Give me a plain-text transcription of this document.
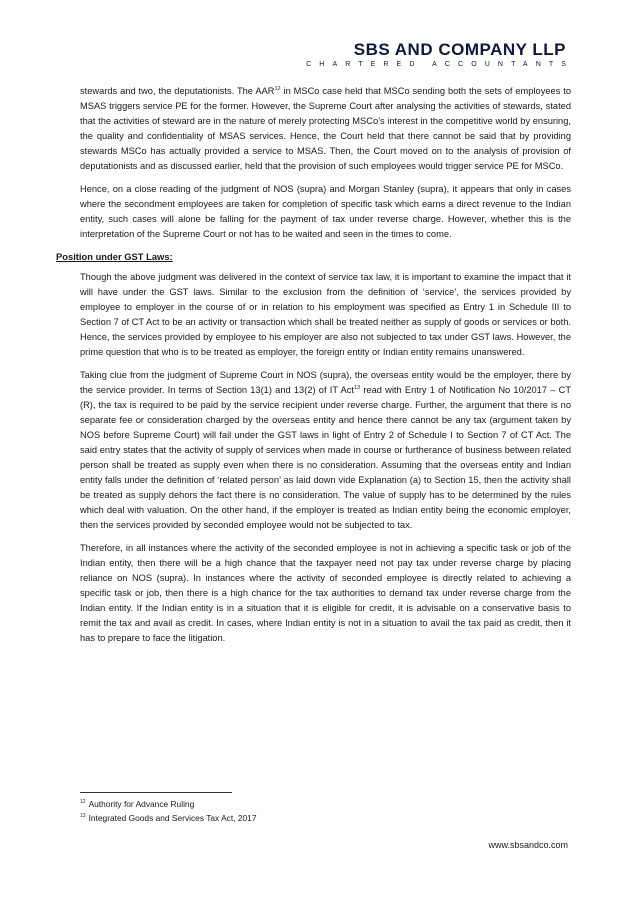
SBS AND COMPANY LLP
CHARTERED ACCOUNTANTS

stewards and two, the deputationists. The AAR$^{12}$ in MSCo case held that MSCo sending both the sets of employees to MSAS triggers service PE for the former. However, the Supreme Court after analysing the activities of stewards, stated that the activities of steward are in the nature of merely protecting MSCo’s interest in the competitive world by ensuring, the quality and confidentiality of MSAS services. Hence, the Court held that there cannot be said that by providing stewards MSCo has actually provided a service to MSAS. Then, the Court moved on to the analysis of provision of deputationists and as discussed earlier, held that the provision of such employees would trigger service PE for MSCo.

Hence, on a close reading of the judgment of NOS (supra) and Morgan Stanley (supra), it appears that only in cases where the secondment employees are taken for completion of specific task which earns a direct revenue to the Indian entity, such cases will alone be falling for the payment of tax under reverse charge. However, whether this is the interpretation of the Supreme Court or not has to be waited and seen in the times to come.

Position under GST Laws:

Though the above judgment was delivered in the context of service tax law, it is important to examine the impact that it will have under the GST laws. Similar to the exclusion from the definition of ‘service’, the services provided by employee to employer in the course of or in relation to his employment was specified as Entry 1 in Schedule III to Section 7 of CT Act to be an activity or transaction which shall be treated neither as supply of goods or services or both. Hence, the services provided by employee to his employer are also not subjected to tax under GST laws. However, the prime question that who is to be treated as employer, the foreign entity or Indian entity remains unanswered.

Taking clue from the judgment of Supreme Court in NOS (supra), the overseas entity would be the employer, there by the service provider. In terms of Section 13(1) and 13(2) of IT Act$^{13}$ read with Entry 1 of Notification No 10/2017 – CT (R), the tax is required to be paid by the service recipient under reverse charge. Further, the argument that there is no separate fee or consideration charged by the overseas entity and hence there cannot be any tax (argument taken by NOS before Supreme Court) will fail under the GST laws in light of Entry 2 of Schedule I to Section 7 of CT Act. The said entry states that the activity of supply of services when made in course or furtherance of business between related person shall be treated as supply even when there is no consideration. Assuming that the overseas entity and Indian entity falls under the definition of ‘related person’ as laid down vide Explanation (a) to Section 15, then the activity shall be treated as supply dehors the fact there is no consideration. The value of supply has to be determined by the rules which deal with valuation. On the other hand, if the employer is treated as Indian entity being the economic employer, then the services provided by seconded employee would not be subjected to tax.

Therefore, in all instances where the activity of the seconded employee is not in achieving a specific task or job of the Indian entity, then there will be a high chance that the taxpayer need not pay tax under reverse charge by placing reliance on NOS (supra). In instances where the activity of seconded employee is directly related to achieving a specific task or job, then there is a high chance for the tax authorities to demand tax under reverse charge from the Indian entity. If the Indian entity is in a situation that it is eligible for credit, it is advisable on a conservative basis to remit the tax and avail as credit. In cases, where Indian entity is not in a situation to avail the tax paid as credit, then it has to prepare to face the litigation.

$^{12}$ Authority for Advance Ruling
$^{13}$ Integrated Goods and Services Tax Act, 2017
www.sbsandco.com
